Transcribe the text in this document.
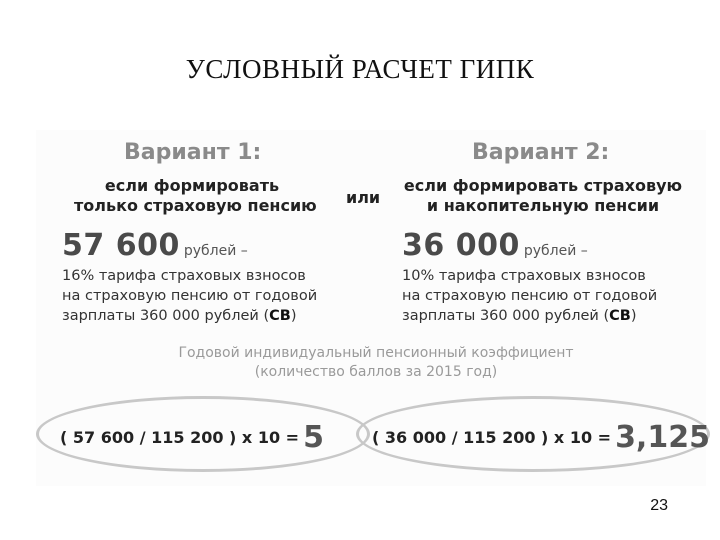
УСЛОВНЫЙ РАСЧЕТ ГИПК
Вариант 1:
если формировать
только страховую пенсию или
Вариант 2:
если формировать страховую
и накопительную пенсии
57 600 рублей –	36 000 рублей –
16% тарифа страховых взносов
на страховую пенсию от годовой
зарплаты 360 000 рублей (СВ)
10% тарифа страховых взносов
на страховую пенсию от годовой
зарплаты 360 000 рублей (СВ)
Годовой индивидуальный пенсионный коэффициент
(количество баллов за 2015 год)
( 57 600 / 115 200 ) x 10 = 5	( 36 000 / 115 200 ) x 10 = 3,125
23
